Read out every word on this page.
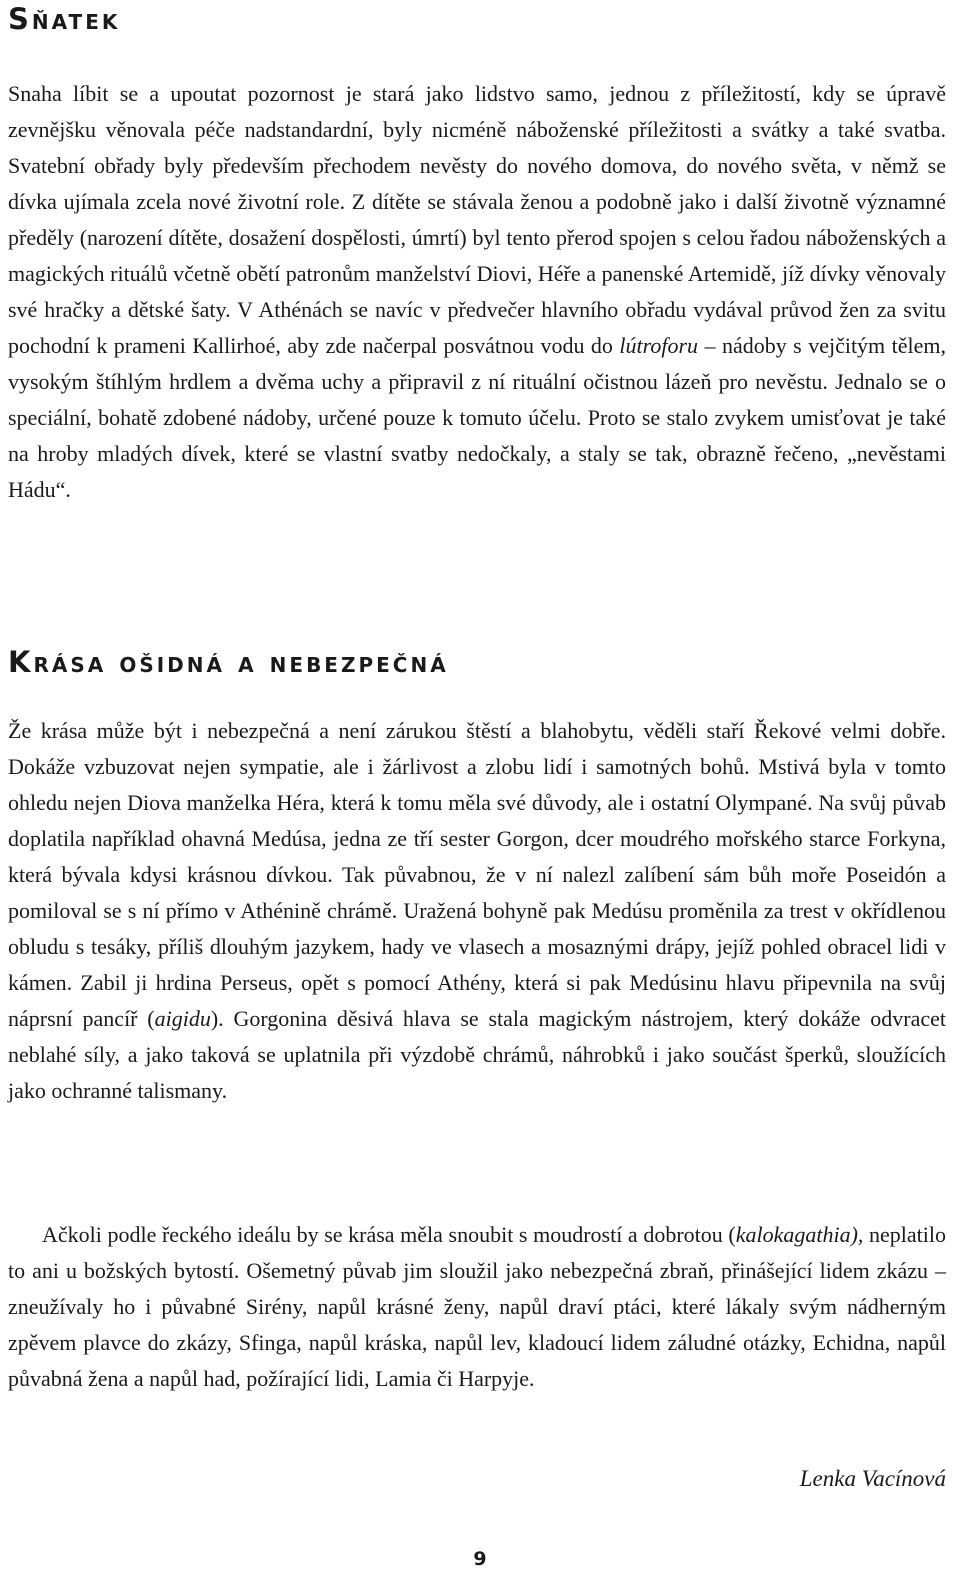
Sňatek

Snaha líbit se a upoutat pozornost je stará jako lidstvo samo, jednou z příležitostí, kdy se úpravě zevnějšku věnovala péče nadstandardní, byly nicméně náboženské příležitosti a svátky a také svatba. Svatební obřady byly především přechodem nevěsty do nového domova, do nového světa, v němž se dívka ujímala zcela nové životní role. Z dítěte se stávala ženou a podobně jako i další životně významné předěly (narození dítěte, dosažení dospělosti, úmrtí) byl tento přerod spojen s celou řadou náboženských a magických rituálů včetně obětí patronům manželství Diovi, Héře a panenské Artemidě, jíž dívky věnovaly své hračky a dětské šaty. V Athénách se navíc v předvečer hlavního obřadu vydával průvod žen za svitu pochodní k prameni Kallirhoé, aby zde načerpal posvátnou vodu do lútroforu – nádoby s vejčitým tělem, vysokým štíhlým hrdlem a dvěma uchy a připravil z ní rituální očistnou lázeň pro nevěstu. Jednalo se o speciální, bohatě zdobené nádoby, určené pouze k tomuto účelu. Proto se stalo zvykem umisťovat je také na hroby mladých dívek, které se vlastní svatby nedočkaly, a staly se tak, obrazně řečeno, „nevěstami Hádu“.

Krása ošidná a nebezpečná

Že krása může být i nebezpečná a není zárukou štěstí a blahobytu, věděli staří Řekové velmi dobře. Dokáže vzbuzovat nejen sympatie, ale i žárlivost a zlobu lidí i samotných bohů. Mstivá byla v tomto ohledu nejen Diova manželka Héra, která k tomu měla své důvody, ale i ostatní Olympané. Na svůj půvab doplatila například ohavná Medúsa, jedna ze tří sester Gorgon, dcer moudrého mořského starce Forkyna, která bývala kdysi krásnou dívkou. Tak půvabnou, že v ní nalezl zalíbení sám bůh moře Poseidón a pomiloval se s ní přímo v Athénině chrámě. Uražená bohyně pak Medúsu proměnila za trest v okřídlenou obludu s tesáky, příliš dlouhým jazykem, hady ve vlasech a mosaznými drápy, jejíž pohled obracel lidi v kámen. Zabil ji hrdina Perseus, opět s pomocí Athény, která si pak Medúsinu hlavu připevnila na svůj náprsní pancíř (aigidu). Gorgonina děsivá hlava se stala magickým nástrojem, který dokáže odvracet neblahé síly, a jako taková se uplatnila při výzdobě chrámů, náhrobků i jako součást šperků, sloužících jako ochranné talismany.

Ačkoli podle řeckého ideálu by se krása měla snoubit s moudrostí a dobrotou (kalokagathia), neplatilo to ani u božských bytostí. Ošemetný půvab jim sloužil jako nebezpečná zbraň, přinášející lidem zkázu – zneužívaly ho i půvabné Sirény, napůl krásné ženy, napůl draví ptáci, které lákaly svým nádherným zpěvem plavce do zkázy, Sfinga, napůl kráska, napůl lev, kladoucí lidem záludné otázky, Echidna, napůl půvabná žena a napůl had, požírající lidi, Lamia či Harpyje.

Lenka Vacínová

9
